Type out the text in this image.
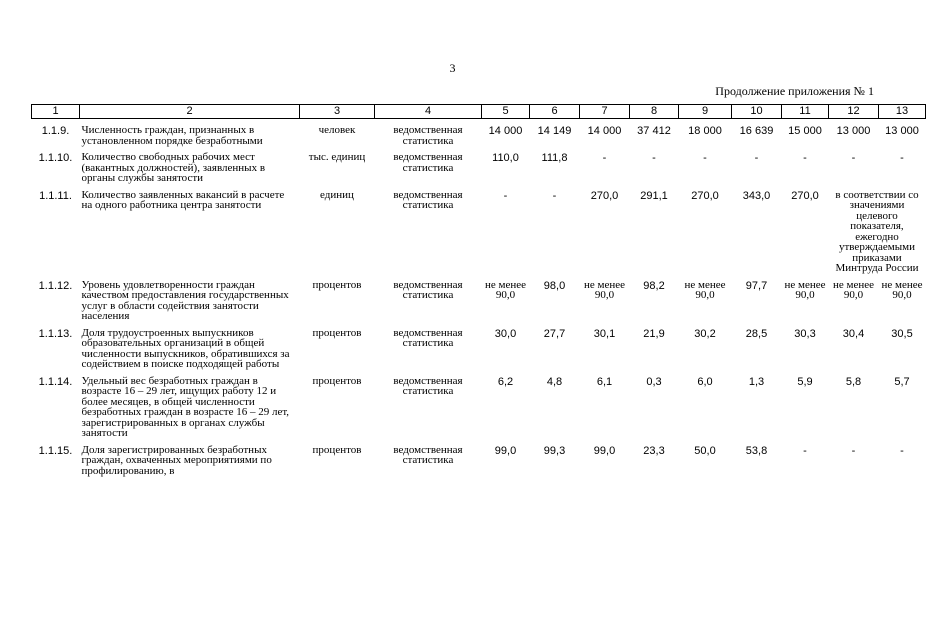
3
Продолжение приложения № 1
1	2	3	4	5	6	7	8	9	10	11	12	13
1.1.9.	Численность граждан, признанных в установленном порядке безработными	человек	ведомственная статистика	14 000	14 149	14 000	37 412	18 000	16 639	15 000	13 000	13 000
1.1.10.	Количество свободных рабочих мест (вакантных должностей), заявленных в органы службы занятости	тыс. единиц	ведомственная статистика	110,0	111,8	-	-	-	-	-	-	-
1.1.11.	Количество заявленных вакансий в расчете на одного работника центра занятости	единиц	ведомственная статистика	-	-	270,0	291,1	270,0	343,0	270,0	в соответствии со значениями целевого показателя, ежегодно утверждаемыми приказами Минтруда России	
1.1.12.	Уровень удовлетворенности граждан качеством предоставления государственных услуг в области содействия занятости населения	процентов	ведомственная статистика	не менее 90,0	98,0	не менее 90,0	98,2	не менее 90,0	97,7	не менее 90,0	не менее 90,0	не менее 90,0
1.1.13.	Доля трудоустроенных выпускников образовательных организаций в общей численности выпускников, обратившихся за содействием в поиске подходящей работы	процентов	ведомственная статистика	30,0	27,7	30,1	21,9	30,2	28,5	30,3	30,4	30,5
1.1.14.	Удельный вес безработных граждан в возрасте 16 – 29 лет, ищущих работу 12 и более месяцев, в общей численности безработных граждан в возрасте 16 – 29 лет, зарегистрированных в органах службы занятости	процентов	ведомственная статистика	6,2	4,8	6,1	0,3	6,0	1,3	5,9	5,8	5,7
1.1.15.	Доля зарегистрированных безработных граждан, охваченных мероприятиями по профилированию, в	процентов	ведомственная статистика	99,0	99,3	99,0	23,3	50,0	53,8	-	-	-
